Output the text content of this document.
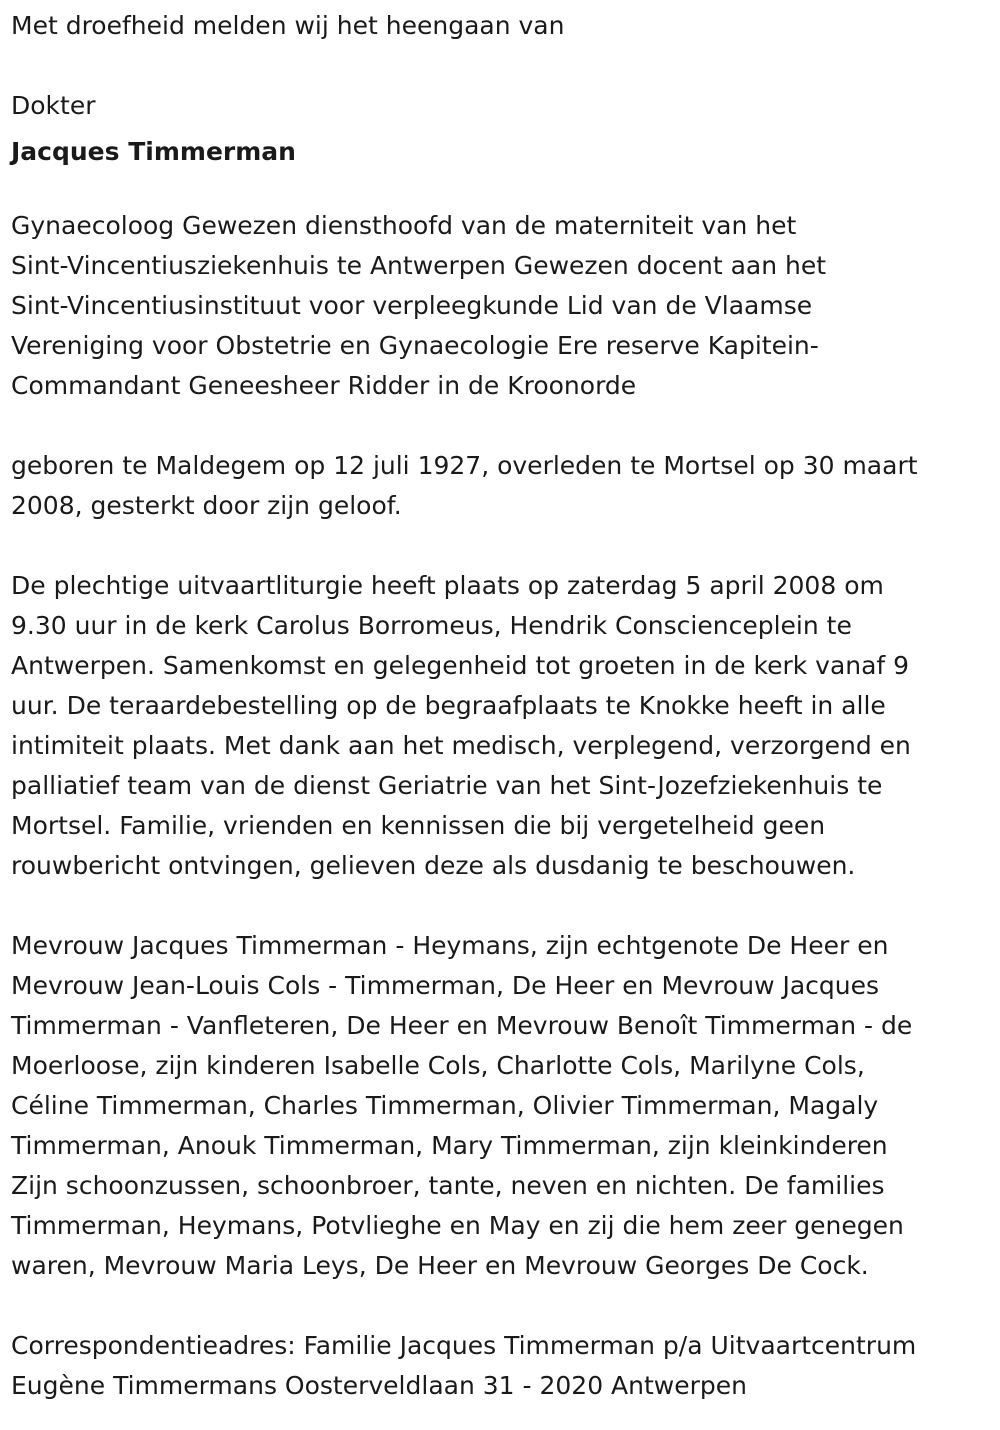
Met droefheid melden wij het heengaan van

Dokter

Jacques Timmerman

Gynaecoloog Gewezen diensthoofd van de materniteit van het

Sint-Vincentiusziekenhuis te Antwerpen Gewezen docent aan het

Sint-Vincentiusinstituut voor verpleegkunde Lid van de Vlaamse

Vereniging voor Obstetrie en Gynaecologie Ere reserve Kapitein-

Commandant Geneesheer Ridder in de Kroonorde

geboren te Maldegem op 12 juli 1927, overleden te Mortsel op 30 maart

2008, gesterkt door zijn geloof.

De plechtige uitvaartliturgie heeft plaats op zaterdag 5 april 2008 om

9.30 uur in de kerk Carolus Borromeus, Hendrik Conscienceplein te

Antwerpen. Samenkomst en gelegenheid tot groeten in de kerk vanaf 9

uur. De teraardebestelling op de begraafplaats te Knokke heeft in alle

intimiteit plaats. Met dank aan het medisch, verplegend, verzorgend en

palliatief team van de dienst Geriatrie van het Sint-Jozefziekenhuis te

Mortsel. Familie, vrienden en kennissen die bij vergetelheid geen

rouwbericht ontvingen, gelieven deze als dusdanig te beschouwen.

Mevrouw Jacques Timmerman - Heymans, zijn echtgenote De Heer en

Mevrouw Jean-Louis Cols - Timmerman, De Heer en Mevrouw Jacques

Timmerman - Vanfleteren, De Heer en Mevrouw Benoît Timmerman - de

Moerloose, zijn kinderen Isabelle Cols, Charlotte Cols, Marilyne Cols,

Céline Timmerman, Charles Timmerman, Olivier Timmerman, Magaly

Timmerman, Anouk Timmerman, Mary Timmerman, zijn kleinkinderen

Zijn schoonzussen, schoonbroer, tante, neven en nichten. De families

Timmerman, Heymans, Potvlieghe en May en zij die hem zeer genegen

waren, Mevrouw Maria Leys, De Heer en Mevrouw Georges De Cock.

Correspondentieadres: Familie Jacques Timmerman p/a Uitvaartcentrum

Eugène Timmermans Oosterveldlaan 31 - 2020 Antwerpen
